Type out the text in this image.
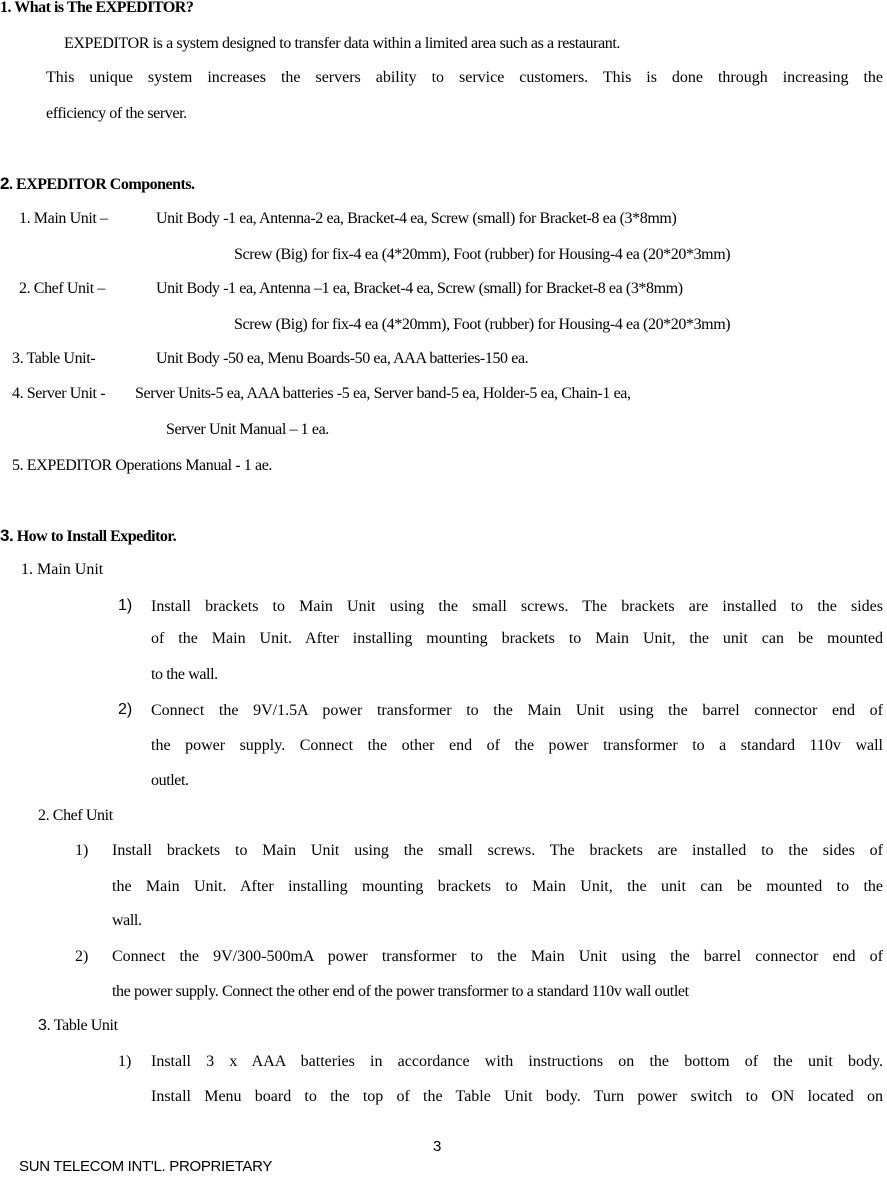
1. What is The EXPEDITOR?
EXPEDITOR is a system designed to transfer data within a limited area such as a restaurant.
This unique system increases the servers ability to service customers. This is done through increasing the
efficiency of the server.
2. EXPEDITOR Components.
1. Main Unit –	Unit Body -1 ea, Antenna-2 ea, Bracket-4 ea, Screw (small) for Bracket-8 ea (3*8mm)
Screw (Big) for fix-4 ea (4*20mm), Foot (rubber) for Housing-4 ea (20*20*3mm)
2. Chef Unit –	Unit Body -1 ea, Antenna –1 ea, Bracket-4 ea, Screw (small) for Bracket-8 ea (3*8mm)
Screw (Big) for fix-4 ea (4*20mm), Foot (rubber) for Housing-4 ea (20*20*3mm)
3. Table Unit-	Unit Body -50 ea, Menu Boards-50 ea, AAA batteries-150 ea.
4. Server Unit - Server Units-5 ea, AAA batteries -5 ea, Server band-5 ea, Holder-5 ea, Chain-1 ea,
Server Unit Manual – 1 ea.
5. EXPEDITOR Operations Manual - 1 ae.
3. How to Install Expeditor.
1. Main Unit
1) Install brackets to Main Unit using the small screws. The brackets are installed to the sides
of the Main Unit. After installing mounting brackets to Main Unit, the unit can be mounted
to the wall.
2) Connect the 9V/1.5A power transformer to the Main Unit using the barrel connector end of
the power supply. Connect the other end of the power transformer to a standard 110v wall
outlet.
2. Chef Unit
1) Install brackets to Main Unit using the small screws. The brackets are installed to the sides of
the Main Unit. After installing mounting brackets to Main Unit, the unit can be mounted to the
wall.
2) Connect the 9V/300-500mA power transformer to the Main Unit using the barrel connector end of
the power supply. Connect the other end of the power transformer to a standard 110v wall outlet
3. Table Unit
1) Install 3 x AAA batteries in accordance with instructions on the bottom of the unit body.
Install Menu board to the top of the Table Unit body. Turn power switch to ON located on
3
SUN TELECOM INT'L. PROPRIETARY
